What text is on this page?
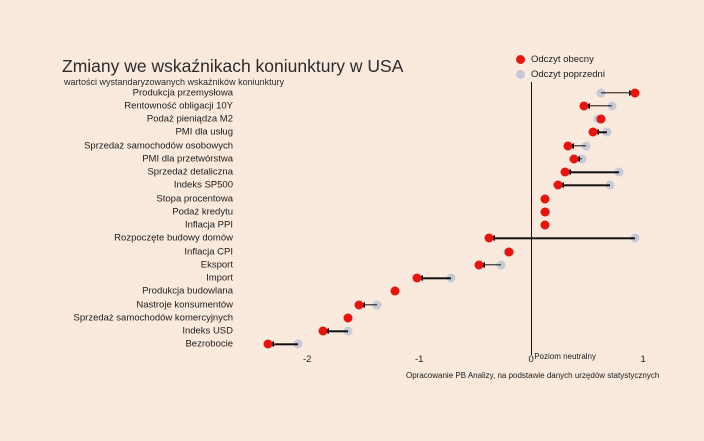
Zmiany we wskaźnikach koniunktury w USA
wartości wystandaryzowanych wskaźników koniunktury
Odczyt obecny
Odczyt poprzedni
Produkcja przemysłowa
Rentowność obligacji 10Y
Podaż pieniądza M2
PMI dla usług
Sprzedaż samochodów osobowych
PMI dla przetwórstwa
Sprzedaż detaliczna
Indeks SP500
Stopa procentowa
Podaż kredytu
Inflacja PPI
Rozpoczęte budowy domów
Inflacja CPI
Eksport
Import
Produkcja budowlana
Nastroje konsumentów
Sprzedaż samochodów komercyjnych
Indeks USD
Bezrobocie
Poziom neutralny
-2	-1	0	1
Opracowanie PB Analizy, na podstawie danych urzędów statystycznych
